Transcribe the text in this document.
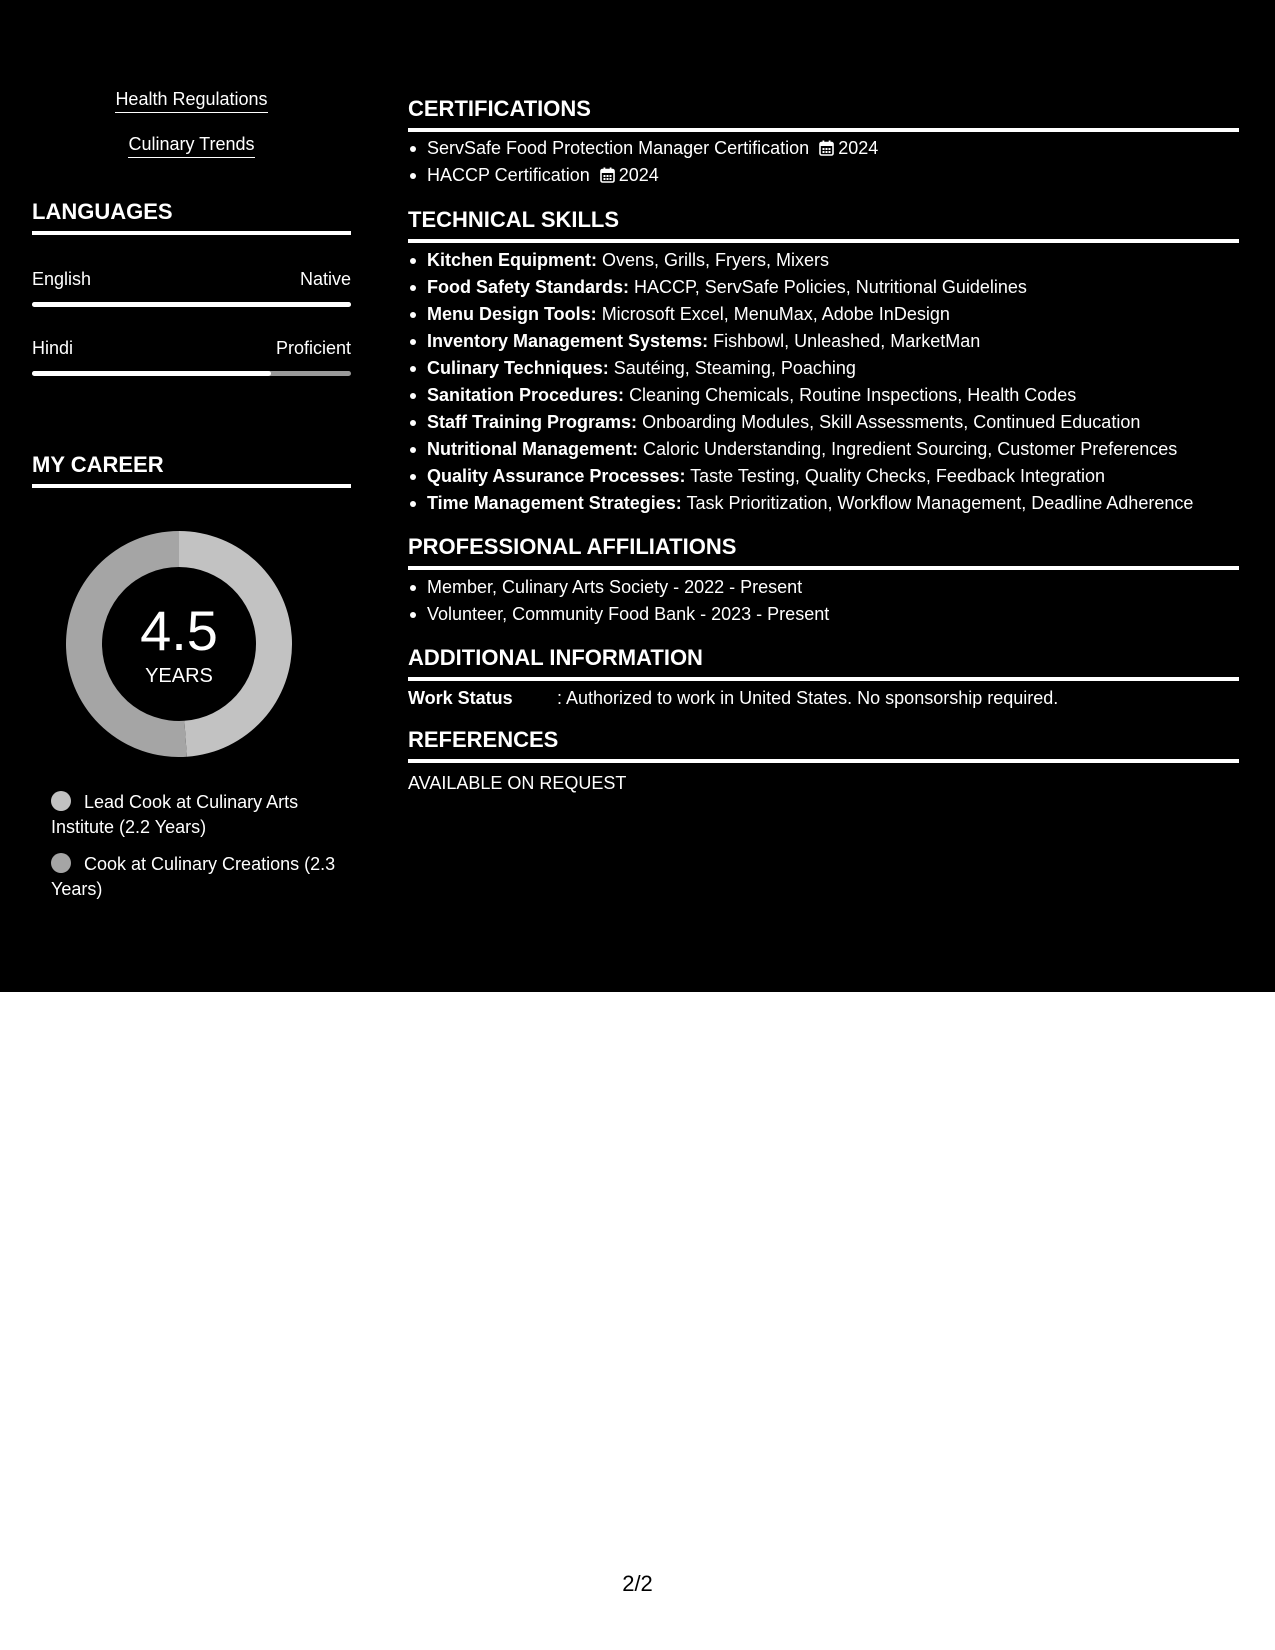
Health Regulations
Culinary Trends
LANGUAGES
English	Native
Hindi	Proficient
MY CAREER
4.5
YEARS
Lead Cook at Culinary Arts Institute (2.2 Years)
Cook at Culinary Creations (2.3 Years)
CERTIFICATIONS
ServSafe Food Protection Manager Certification 2024
HACCP Certification 2024
TECHNICAL SKILLS
Kitchen Equipment: Ovens, Grills, Fryers, Mixers
Food Safety Standards: HACCP, ServSafe Policies, Nutritional Guidelines
Menu Design Tools: Microsoft Excel, MenuMax, Adobe InDesign
Inventory Management Systems: Fishbowl, Unleashed, MarketMan
Culinary Techniques: Sautéing, Steaming, Poaching
Sanitation Procedures: Cleaning Chemicals, Routine Inspections, Health Codes
Staff Training Programs: Onboarding Modules, Skill Assessments, Continued Education
Nutritional Management: Caloric Understanding, Ingredient Sourcing, Customer Preferences
Quality Assurance Processes: Taste Testing, Quality Checks, Feedback Integration
Time Management Strategies: Task Prioritization, Workflow Management, Deadline Adherence
PROFESSIONAL AFFILIATIONS
Member, Culinary Arts Society - 2022 - Present
Volunteer, Community Food Bank - 2023 - Present
ADDITIONAL INFORMATION
Work Status : Authorized to work in United States. No sponsorship required.
REFERENCES
AVAILABLE ON REQUEST
2/2
